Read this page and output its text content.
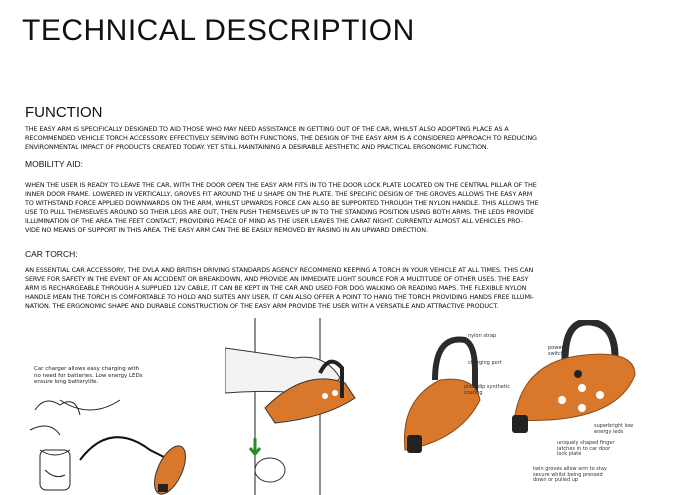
TECHNICAL DESCRIPTION
FUNCTION
THE EASY ARM IS SPECIFICALLY DESIGNED TO AID THOSE WHO MAY NEED ASSISTANCE IN GETTING OUT OF THE CAR, WHILST ALSO ADOPTING PLACE AS A
RECOMMENDED VEHICLE TORCH ACCESSORY. EFFECTIVELY SERVING BOTH FUNCTIONS, THE DESIGN OF THE EASY ARM IS A CONSIDERED APPROACH TO REDUCING
ENVIRONMENTAL IMPACT OF PRODUCTS CREATED TODAY. YET STILL MAINTAINING A DESIRABLE AESTHETIC AND PRACTICAL ERGONOMIC FUNCTION.
MOBILITY AID:
WHEN THE USER IS READY TO LEAVE THE CAR, WITH THE DOOR OPEN THE EASY ARM FITS IN TO THE DOOR LOCK PLATE LOCATED ON THE CENTRAL PILLAR OF THE
INNER DOOR FRAME. LOWERED IN VERTICALLY, GROVES FIT AROUND THE U SHAPE ON THE PLATE. THE SPECIFIC DESIGN OF THE GROVES ALLOWS THE EASY ARM
TO WITHSTAND FORCE APPLIED DOWNWARDS ON THE ARM, WHILST UPWARDS FORCE CAN ALSO BE SUPPORTED THROUGH THE NYLON HANDLE. THIS ALLOWS THE
USE TO PULL THEMSELVES AROUND SO THEIR LEGS ARE OUT, THEN PUSH THEMSELVES UP IN TO THE STANDING POSITION USING BOTH ARMS. THE LEDS PROVIDE
ILLUMINATION OF THE AREA THE FEET CONTACT, PROVIDING PEACE OF MIND AS THE USER LEAVES THE CARAT NIGHT. CURRENTLY ALMOST ALL VEHICLES PRO-
VIDE NO MEANS OF SUPPORT IN THIS AREA. THE EASY ARM CAN THE BE EASILY REMOVED BY RASING IN AN UPWARD DIRECTION.
CAR TORCH:
AN ESSENTIAL CAR ACCESSORY, THE DVLA AND BRITISH DRIVING STANDARDS AGENCY RECOMMEND KEEPING A TORCH IN YOUR VEHICLE AT ALL TIMES. THIS CAN
SERVE FOR SAFETY IN THE EVENT OF AN ACCIDENT OR BREAKDOWN, AND PROVIDE AN IMMEDIATE LIGHT SOURCE FOR A MULTITUDE OF OTHER USES. THE EASY
ARM IS RECHARGEABLE THROUGH A SUPPLIED 12V CABLE, IT CAN BE KEPT IN THE CAR AND USED FOR DOG WALKING OR READING MAPS. THE FLEXIBLE NYLON
HANDLE MEAN THE TORCH IS COMFORTABLE TO HOLD AND SUITES ANY USER. IT CAN ALSO OFFER A POINT TO HANG THE TORCH PROVIDING HANDS FREE ILLUMI-
NATION. THE ERGONOMIC SHAPE AND DURABLE CONSTRUCTION OF THE EASY ARM PROVIDE THE USER WITH A VERSATILE AND ATTRACTIVE PRODUCT.
Car charger allows easy charging with
no need for batteries. Low energy LEDs
ensure long batterylife.
nylon strap
charging port
plastidip synthetic
coating
power
switch
superbright low
energy leds
uniquely shaped finger
latches in to car door
lock plate
twin groves allow arm to stay
secure whilst being pressed
down or pulled up
